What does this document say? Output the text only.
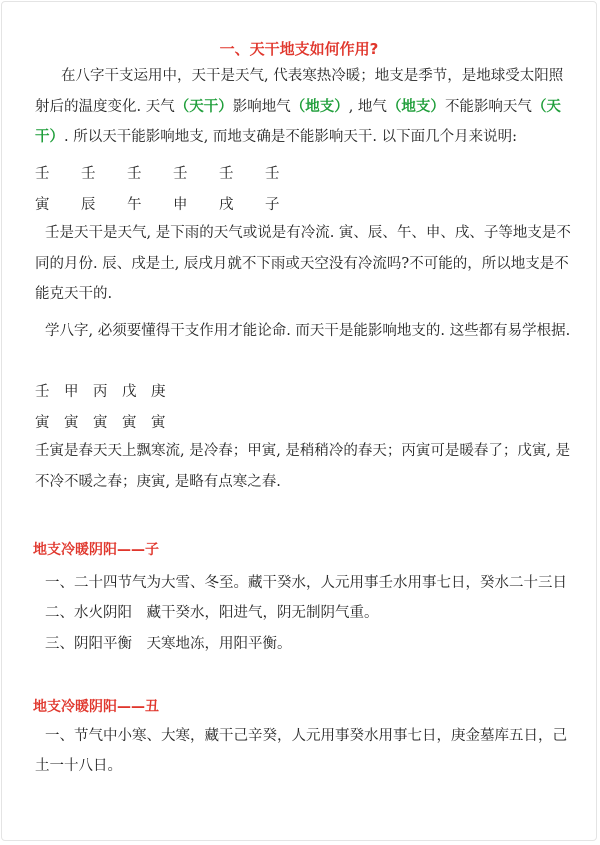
一、天干地支如何作用?
在八字干支运用中，天干是天气, 代表寒热冷暖；地支是季节，是地球受太阳照射后的温度变化. 天气（天干）影响地气（地支）, 地气（地支）不能影响天气（天干）. 所以天干能影响地支, 而地支确是不能影响天干. 以下面几个月来说明:
壬 壬 壬 壬 壬 壬
寅 辰 午 申 戌 子
壬是天干是天气, 是下雨的天气或说是有冷流. 寅、辰、午、申、戌、子等地支是不同的月份. 辰、戌是土, 辰戌月就不下雨或天空没有冷流吗?不可能的，所以地支是不能克天干的.
学八字, 必须要懂得干支作用才能论命. 而天干是能影响地支的. 这些都有易学根据.
壬 甲 丙 戊 庚
寅 寅 寅 寅 寅
壬寅是春天天上飘寒流, 是冷春；甲寅, 是稍稍冷的春天；丙寅可是暖春了；戊寅, 是不冷不暖之春；庚寅, 是略有点寒之春.
地支冷暖阴阳——子
一、二十四节气为大雪、冬至。藏干癸水，人元用事壬水用事七日，癸水二十三日
二、水火阴阳　藏干癸水，阳进气，阴无制阴气重。
三、阴阳平衡　天寒地冻，用阳平衡。
地支冷暖阴阳——丑
一、节气中小寒、大寒，藏干己辛癸，人元用事癸水用事七日，庚金墓库五日，己土一十八日。
